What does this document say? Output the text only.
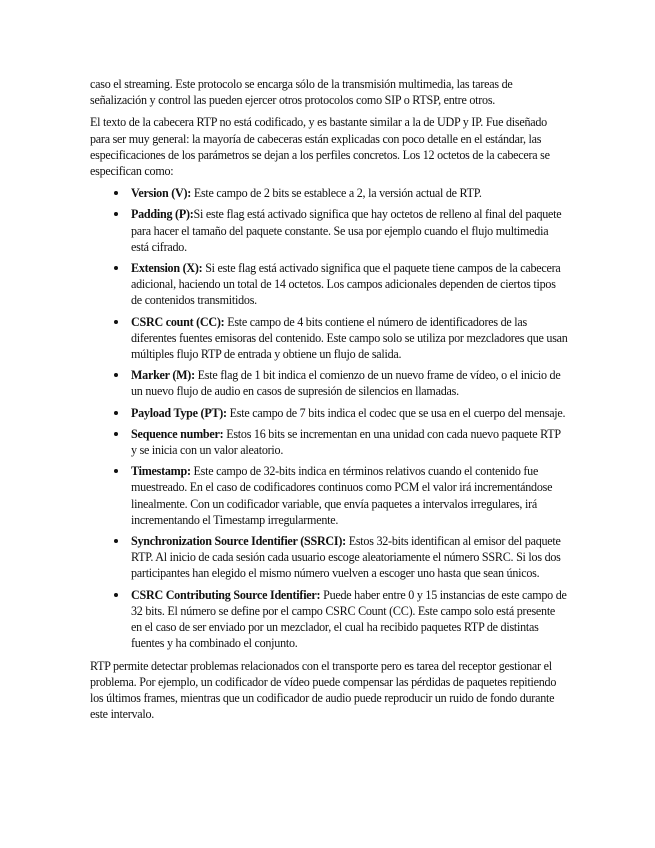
caso el streaming. Este protocolo se encarga sólo de la transmisión multimedia, las tareas de señalización y control las pueden ejercer otros protocolos como SIP o RTSP, entre otros.

El texto de la cabecera RTP no está codificado, y es bastante similar a la de UDP y IP. Fue diseñado para ser muy general: la mayoría de cabeceras están explicadas con poco detalle en el estándar, las especificaciones de los parámetros se dejan a los perfiles concretos. Los 12 octetos de la cabecera se especifican como:

Version (V): Este campo de 2 bits se establece a 2, la versión actual de RTP.
Padding (P):Si este flag está activado significa que hay octetos de relleno al final del paquete para hacer el tamaño del paquete constante. Se usa por ejemplo cuando el flujo multimedia está cifrado.
Extension (X): Si este flag está activado significa que el paquete tiene campos de la cabecera adicional, haciendo un total de 14 octetos. Los campos adicionales dependen de ciertos tipos de contenidos transmitidos.
CSRC count (CC): Este campo de 4 bits contiene el número de identificadores de las diferentes fuentes emisoras del contenido. Este campo solo se utiliza por mezcladores que usan múltiples flujo RTP de entrada y obtiene un flujo de salida.
Marker (M): Este flag de 1 bit indica el comienzo de un nuevo frame de vídeo, o el inicio de un nuevo flujo de audio en casos de supresión de silencios en llamadas.
Payload Type (PT): Este campo de 7 bits indica el codec que se usa en el cuerpo del mensaje.
Sequence number: Estos 16 bits se incrementan en una unidad con cada nuevo paquete RTP y se inicia con un valor aleatorio.
Timestamp: Este campo de 32-bits indica en términos relativos cuando el contenido fue muestreado. En el caso de codificadores continuos como PCM el valor irá incrementándose linealmente. Con un codificador variable, que envía paquetes a intervalos irregulares, irá incrementando el Timestamp irregularmente.
Synchronization Source Identifier (SSRCI): Estos 32-bits identifican al emisor del paquete RTP. Al inicio de cada sesión cada usuario escoge aleatoriamente el número SSRC. Si los dos participantes han elegido el mismo número vuelven a escoger uno hasta que sean únicos.
CSRC Contributing Source Identifier: Puede haber entre 0 y 15 instancias de este campo de 32 bits. El número se define por el campo CSRC Count (CC). Este campo solo está presente en el caso de ser enviado por un mezclador, el cual ha recibido paquetes RTP de distintas fuentes y ha combinado el conjunto.

RTP permite detectar problemas relacionados con el transporte pero es tarea del receptor gestionar el problema. Por ejemplo, un codificador de vídeo puede compensar las pérdidas de paquetes repitiendo los últimos frames, mientras que un codificador de audio puede reproducir un ruido de fondo durante este intervalo.
